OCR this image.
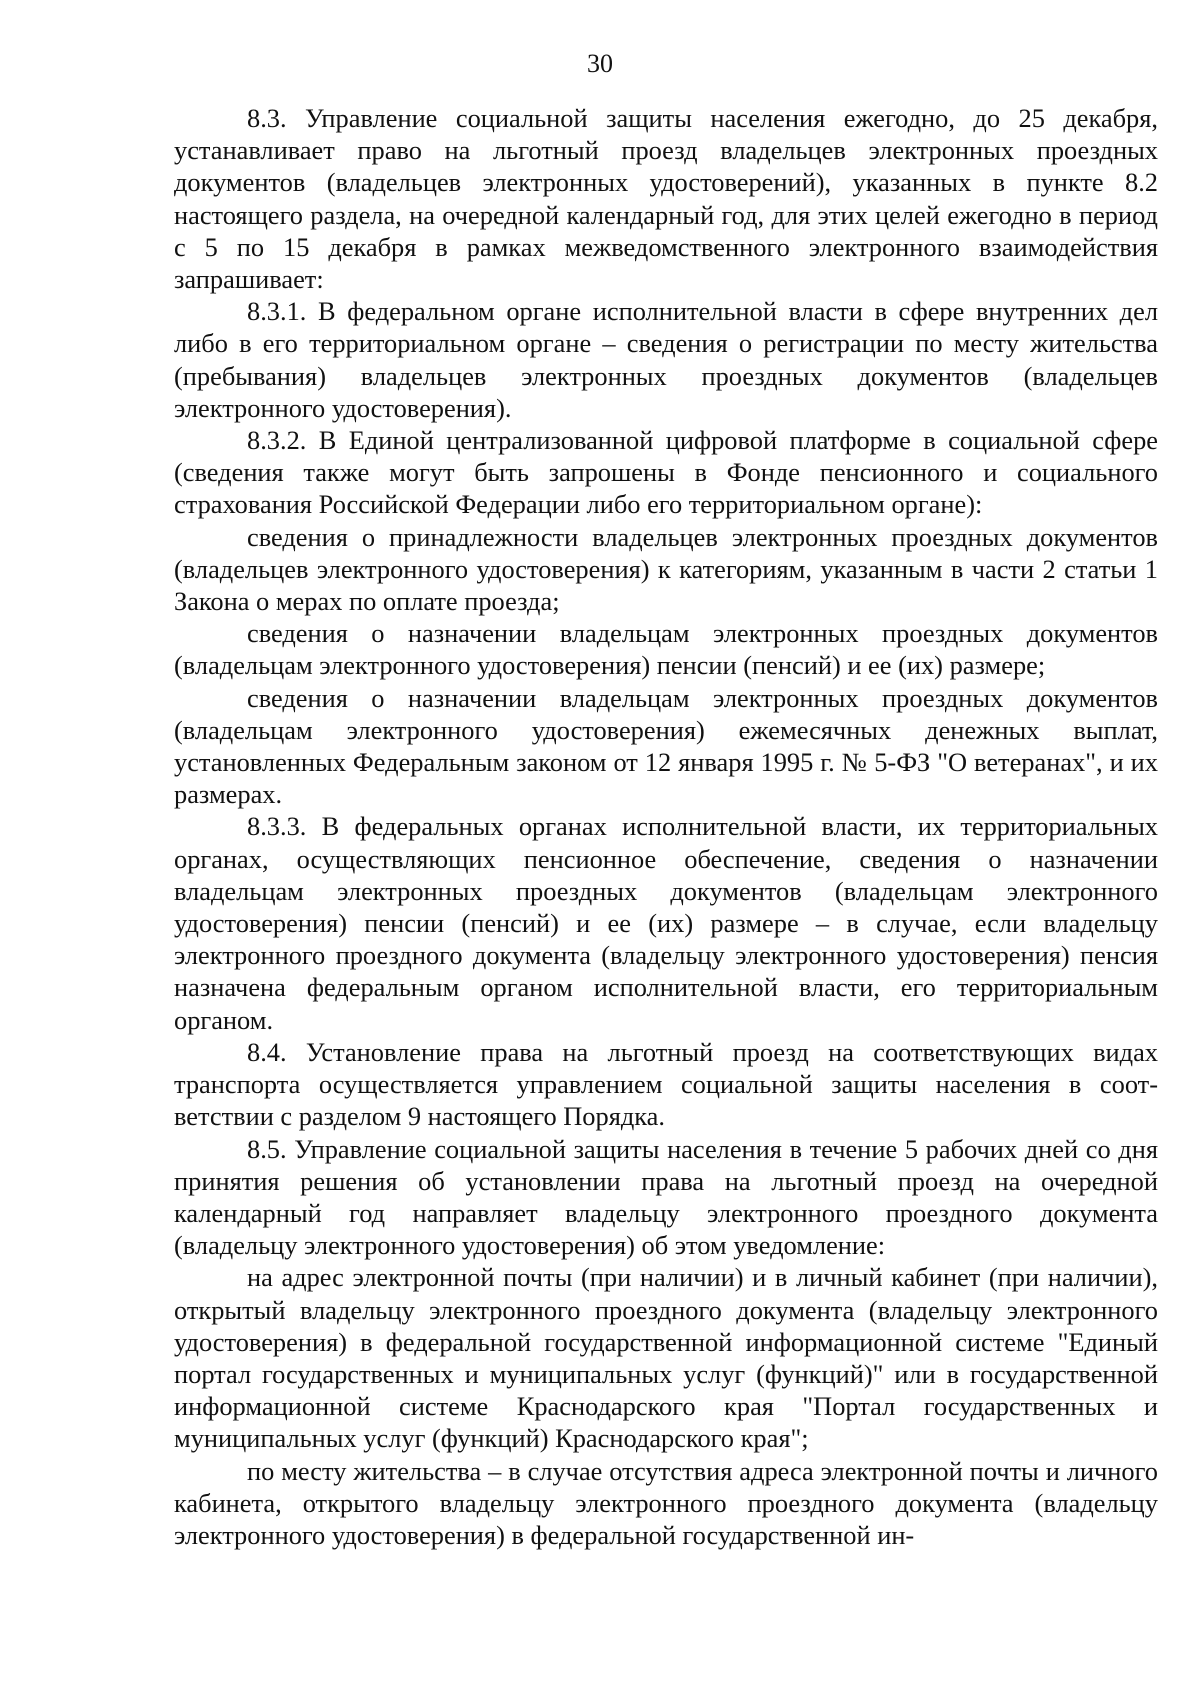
30

8.3. Управление социальной защиты населения ежегодно, до 25 декабря, устанавливает право на льготный проезд владельцев электронных проездных документов (владельцев электронных удостоверений), указанных в пункте 8.2 настоящего раздела, на очередной календарный год, для этих целей ежегодно в период с 5 по 15 декабря в рамках межведомственного электронного взаимодействия запрашивает:

8.3.1. В федеральном органе исполнительной власти в сфере внутренних дел либо в его территориальном органе – сведения о регистрации по месту жительства (пребывания) владельцев электронных проездных документов (владельцев электронного удостоверения).

8.3.2. В Единой централизованной цифровой платформе в социальной сфере (сведения также могут быть запрошены в Фонде пенсионного и социального страхования Российской Федерации либо его территориальном органе):

сведения о принадлежности владельцев электронных проездных документов (владельцев электронного удостоверения) к категориям, указанным в части 2 статьи 1 Закона о мерах по оплате проезда;

сведения о назначении владельцам электронных проездных документов (владельцам электронного удостоверения) пенсии (пенсий) и ее (их) размере;

сведения о назначении владельцам электронных проездных документов (владельцам электронного удостоверения) ежемесячных денежных выплат, установленных Федеральным законом от 12 января 1995 г. № 5-ФЗ "О ветеранах", и их размерах.

8.3.3. В федеральных органах исполнительной власти, их территориальных органах, осуществляющих пенсионное обеспечение, сведения о назначении владельцам электронных проездных документов (владельцам электронного удостоверения) пенсии (пенсий) и ее (их) размере – в случае, если владельцу электронного проездного документа (владельцу электронного удостоверения) пенсия назначена федеральным органом исполнительной власти, его территориальным органом.

8.4. Установление права на льготный проезд на соответствующих видах транспорта осуществляется управлением социальной защиты населения в соответствии с разделом 9 настоящего Порядка.

8.5. Управление социальной защиты населения в течение 5 рабочих дней со дня принятия решения об установлении права на льготный проезд на очередной календарный год направляет владельцу электронного проездного документа (владельцу электронного удостоверения) об этом уведомление:

на адрес электронной почты (при наличии) и в личный кабинет (при наличии), открытый владельцу электронного проездного документа (владельцу электронного удостоверения) в федеральной государственной информационной системе "Единый портал государственных и муниципальных услуг (функций)" или в государственной информационной системе Краснодарского края "Портал государственных и муниципальных услуг (функций) Краснодарского края";

по месту жительства – в случае отсутствия адреса электронной почты и личного кабинета, открытого владельцу электронного проездного документа (владельцу электронного удостоверения) в федеральной государственной ин-
